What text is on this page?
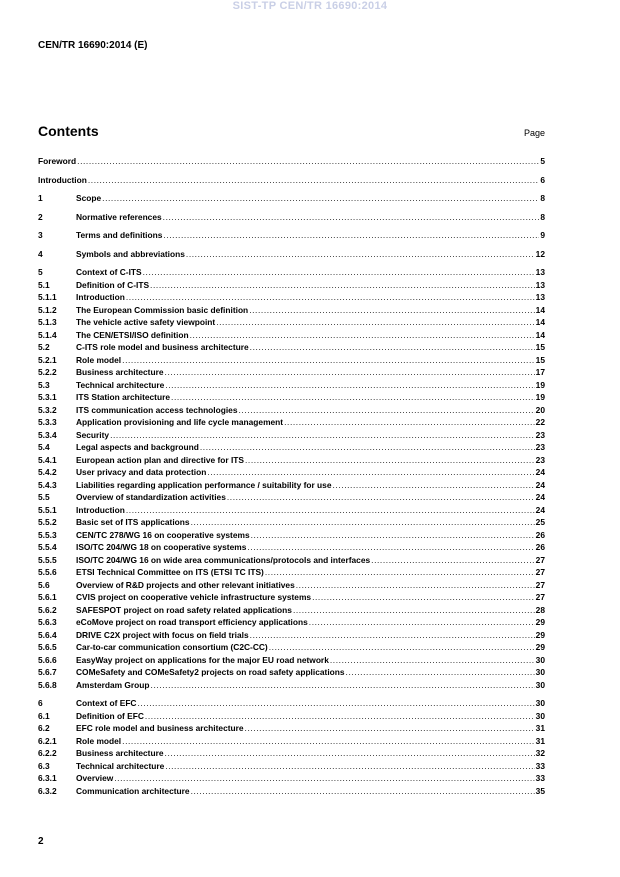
SIST-TP CEN/TR 16690:2014
CEN/TR 16690:2014 (E)
Contents	Page
Foreword .....	5
Introduction .....	6
1	Scope .....	8
2	Normative references .....	8
3	Terms and definitions .....	9
4	Symbols and abbreviations .....	12
5	Context of C-ITS .....	13
5.1	Definition of C-ITS .....	13
5.1.1	Introduction .....	13
5.1.2	The European Commission basic definition .....	14
5.1.3	The vehicle active safety viewpoint .....	14
5.1.4	The CEN/ETSI/ISO definition .....	14
5.2	C-ITS role model and business architecture .....	15
5.2.1	Role model .....	15
5.2.2	Business architecture .....	17
5.3	Technical architecture .....	19
5.3.1	ITS Station architecture .....	19
5.3.2	ITS communication access technologies .....	20
5.3.3	Application provisioning and life cycle management .....	22
5.3.4	Security .....	23
5.4	Legal aspects and background .....	23
5.4.1	European action plan and directive for ITS .....	23
5.4.2	User privacy and data protection .....	24
5.4.3	Liabilities regarding application performance / suitability for use .....	24
5.5	Overview of standardization activities .....	24
5.5.1	Introduction .....	24
5.5.2	Basic set of ITS applications .....	25
5.5.3	CEN/TC 278/WG 16 on cooperative systems .....	26
5.5.4	ISO/TC 204/WG 18 on cooperative systems .....	26
5.5.5	ISO/TC 204/WG 16 on wide area communications/protocols and interfaces .....	27
5.5.6	ETSI Technical Committee on ITS (ETSI TC ITS) .....	27
5.6	Overview of R&D projects and other relevant initiatives .....	27
5.6.1	CVIS project on cooperative vehicle infrastructure systems .....	27
5.6.2	SAFESPOT project on road safety related applications .....	28
5.6.3	eCoMove project on road transport efficiency applications .....	29
5.6.4	DRIVE C2X project with focus on field trials .....	29
5.6.5	Car-to-car communication consortium (C2C-CC) .....	29
5.6.6	EasyWay project on applications for the major EU road network .....	30
5.6.7	COMeSafety and COMeSafety2 projects on road safety applications .....	30
5.6.8	Amsterdam Group .....	30
6	Context of EFC .....	30
6.1	Definition of EFC .....	30
6.2	EFC role model and business architecture .....	31
6.2.1	Role model .....	31
6.2.2	Business architecture .....	32
6.3	Technical architecture .....	33
6.3.1	Overview .....	33
6.3.2	Communication architecture .....	35
2
